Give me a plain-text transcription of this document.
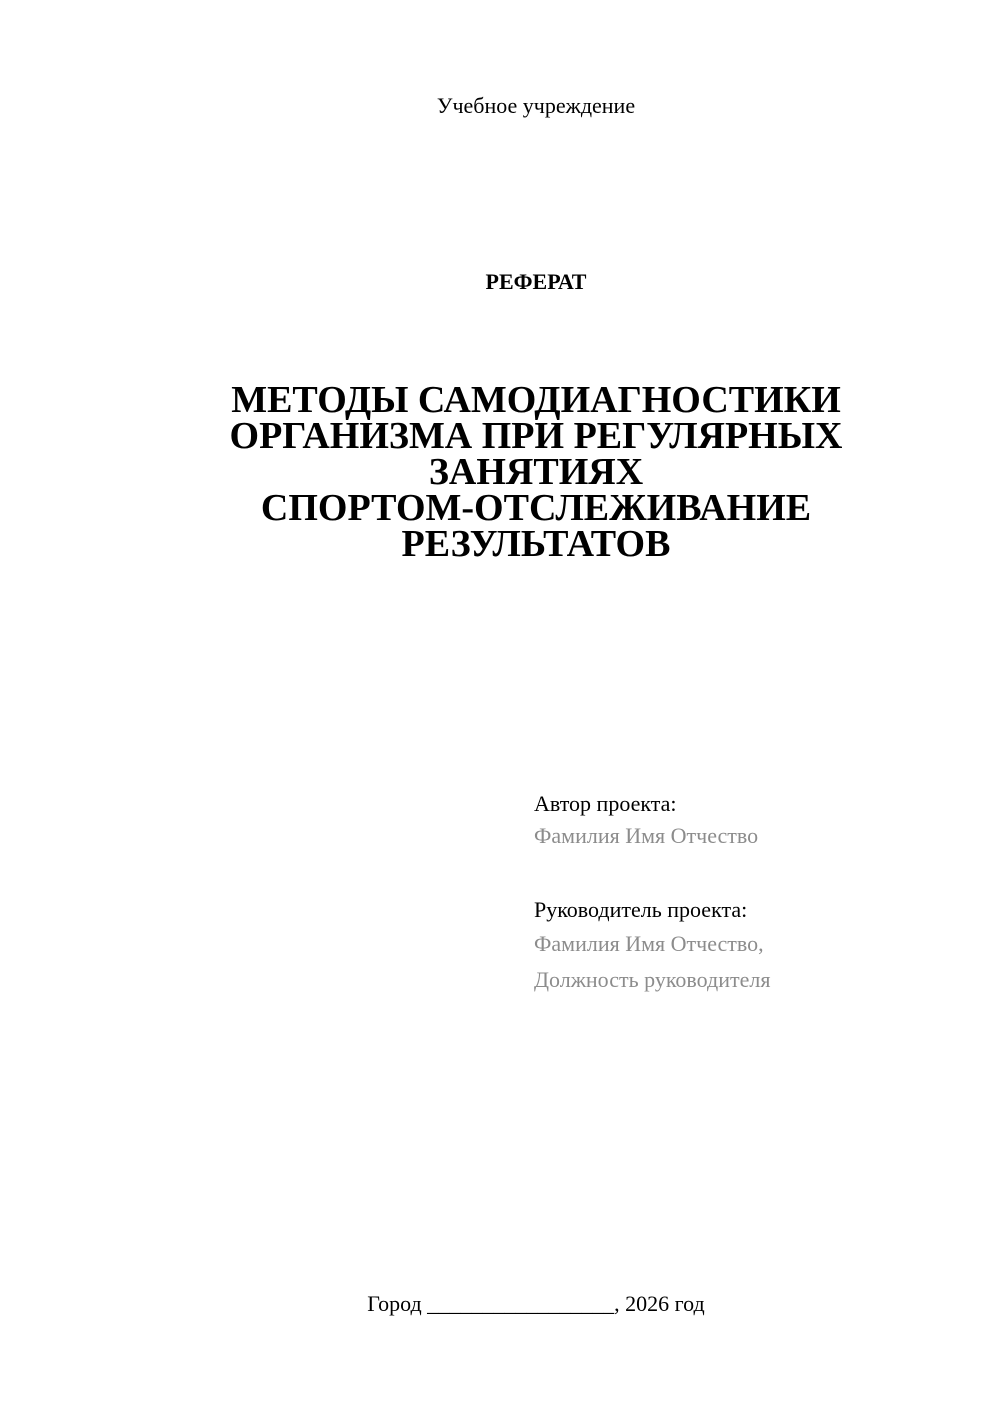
Учебное учреждение
РЕФЕРАТ
МЕТОДЫ САМОДИАГНОСТИКИ
ОРГАНИЗМА ПРИ РЕГУЛЯРНЫХ
ЗАНЯТИЯХ
СПОРТОМ-ОТСЛЕЖИВАНИЕ
РЕЗУЛЬТАТОВ
Автор проекта:
Фамилия Имя Отчество
Руководитель проекта:
Фамилия Имя Отчество,
Должность руководителя
Город _________________, 2026 год
